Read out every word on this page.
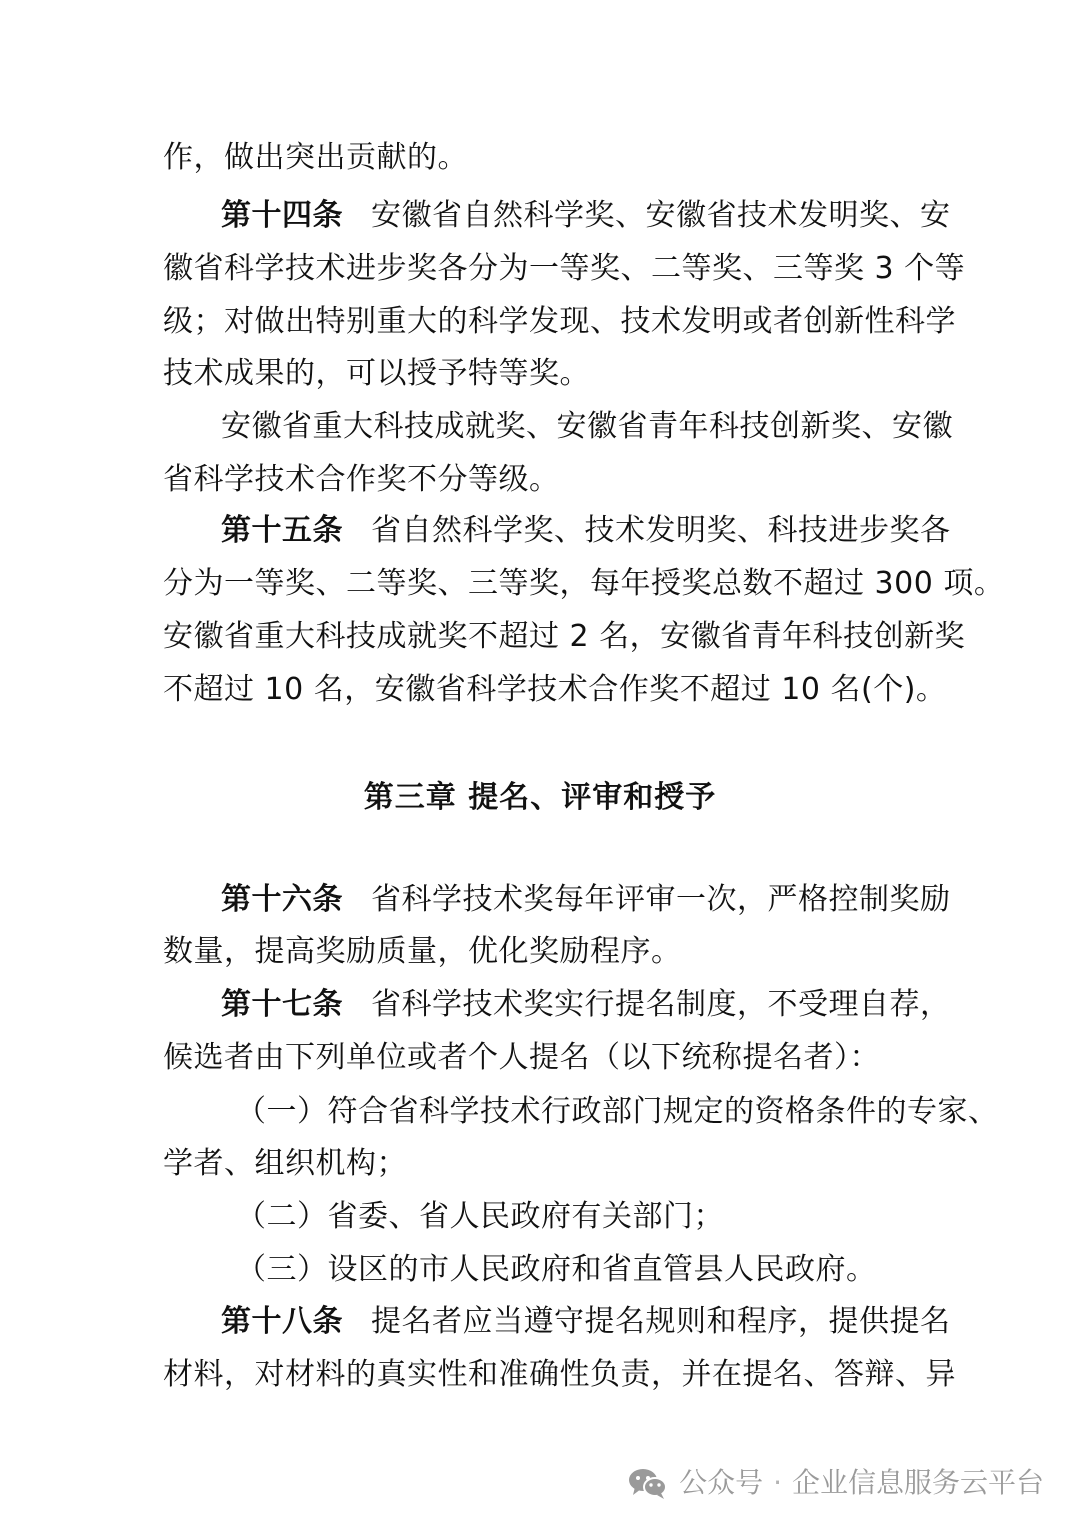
作，做出突出贡献的。
第十四条 安徽省自然科学奖、安徽省技术发明奖、安
徽省科学技术进步奖各分为一等奖、二等奖、三等奖 3 个等
级；对做出特别重大的科学发现、技术发明或者创新性科学
技术成果的，可以授予特等奖。
安徽省重大科技成就奖、安徽省青年科技创新奖、安徽
省科学技术合作奖不分等级。
第十五条 省自然科学奖、技术发明奖、科技进步奖各
分为一等奖、二等奖、三等奖，每年授奖总数不超过 300 项。
安徽省重大科技成就奖不超过 2 名，安徽省青年科技创新奖
不超过 10 名，安徽省科学技术合作奖不超过 10 名(个)。
第三章 提名、评审和授予
第十六条 省科学技术奖每年评审一次，严格控制奖励
数量，提高奖励质量，优化奖励程序。
第十七条 省科学技术奖实行提名制度，不受理自荐，
候选者由下列单位或者个人提名（以下统称提名者）：
（一）符合省科学技术行政部门规定的资格条件的专家、
学者、组织机构；
（二）省委、省人民政府有关部门；
（三）设区的市人民政府和省直管县人民政府。
第十八条 提名者应当遵守提名规则和程序，提供提名
材料，对材料的真实性和准确性负责，并在提名、答辩、异
公众号 · 企业信息服务云平台
